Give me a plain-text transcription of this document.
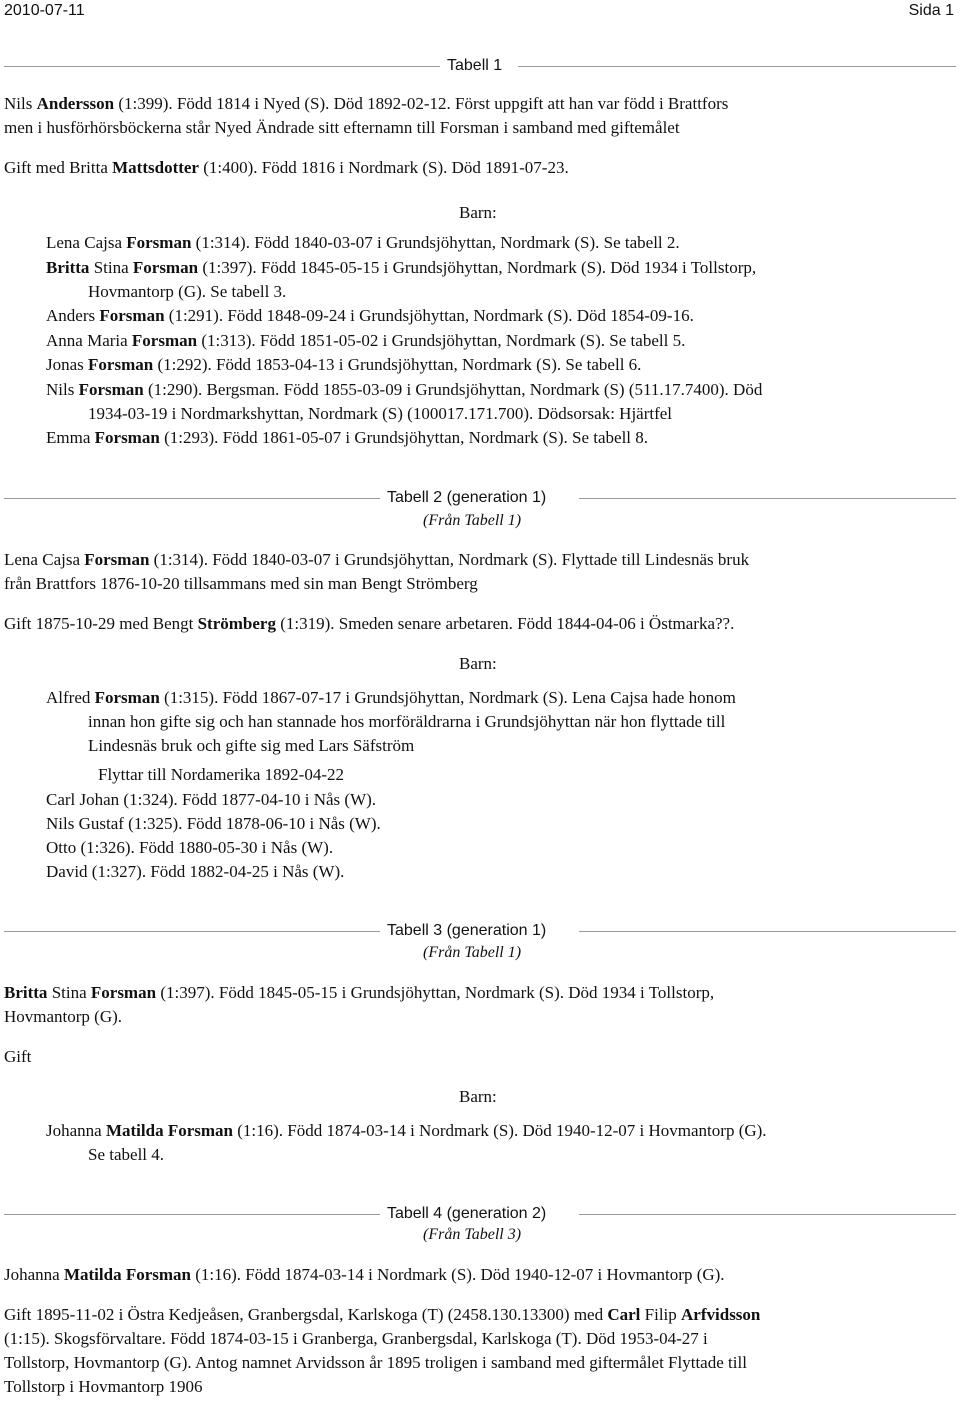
2010-07-11	Sida 1
Tabell 1
Nils Andersson (1:399). Född 1814 i Nyed (S). Död 1892-02-12. Först uppgift att han var född i Brattfors
men i husförhörsböckerna står Nyed Ändrade sitt efternamn till Forsman i samband med giftemålet
Gift med Britta Mattsdotter (1:400). Född 1816 i Nordmark (S). Död 1891-07-23.
Barn:
Lena Cajsa Forsman (1:314). Född 1840-03-07 i Grundsjöhyttan, Nordmark (S). Se tabell 2.
Britta Stina Forsman (1:397). Född 1845-05-15 i Grundsjöhyttan, Nordmark (S). Död 1934 i Tollstorp,
Hovmantorp (G). Se tabell 3.
Anders Forsman (1:291). Född 1848-09-24 i Grundsjöhyttan, Nordmark (S). Död 1854-09-16.
Anna Maria Forsman (1:313). Född 1851-05-02 i Grundsjöhyttan, Nordmark (S). Se tabell 5.
Jonas Forsman (1:292). Född 1853-04-13 i Grundsjöhyttan, Nordmark (S). Se tabell 6.
Nils Forsman (1:290). Bergsman. Född 1855-03-09 i Grundsjöhyttan, Nordmark (S) (511.17.7400). Död
1934-03-19 i Nordmarkshyttan, Nordmark (S) (100017.171.700). Dödsorsak: Hjärtfel
Emma Forsman (1:293). Född 1861-05-07 i Grundsjöhyttan, Nordmark (S). Se tabell 8.
Tabell 2 (generation 1)
(Från Tabell 1)
Lena Cajsa Forsman (1:314). Född 1840-03-07 i Grundsjöhyttan, Nordmark (S). Flyttade till Lindesnäs bruk
från Brattfors 1876-10-20 tillsammans med sin man Bengt Strömberg
Gift 1875-10-29 med Bengt Strömberg (1:319). Smeden senare arbetaren. Född 1844-04-06 i Östmarka??.
Barn:
Alfred Forsman (1:315). Född 1867-07-17 i Grundsjöhyttan, Nordmark (S). Lena Cajsa hade honom
innan hon gifte sig och han stannade hos morföräldrarna i Grundsjöhyttan när hon flyttade till
Lindesnäs bruk och gifte sig med Lars Säfström
Flyttar till Nordamerika 1892-04-22
Carl Johan (1:324). Född 1877-04-10 i Nås (W).
Nils Gustaf (1:325). Född 1878-06-10 i Nås (W).
Otto (1:326). Född 1880-05-30 i Nås (W).
David (1:327). Född 1882-04-25 i Nås (W).
Tabell 3 (generation 1)
(Från Tabell 1)
Britta Stina Forsman (1:397). Född 1845-05-15 i Grundsjöhyttan, Nordmark (S). Död 1934 i Tollstorp,
Hovmantorp (G).
Gift
Barn:
Johanna Matilda Forsman (1:16). Född 1874-03-14 i Nordmark (S). Död 1940-12-07 i Hovmantorp (G).
Se tabell 4.
Tabell 4 (generation 2)
(Från Tabell 3)
Johanna Matilda Forsman (1:16). Född 1874-03-14 i Nordmark (S). Död 1940-12-07 i Hovmantorp (G).
Gift 1895-11-02 i Östra Kedjeåsen, Granbergsdal, Karlskoga (T) (2458.130.13300) med Carl Filip Arfvidsson
(1:15). Skogsförvaltare. Född 1874-03-15 i Granberga, Granbergsdal, Karlskoga (T). Död 1953-04-27 i
Tollstorp, Hovmantorp (G). Antog namnet Arvidsson år 1895 troligen i samband med giftermålet Flyttade till
Tollstorp i Hovmantorp 1906
